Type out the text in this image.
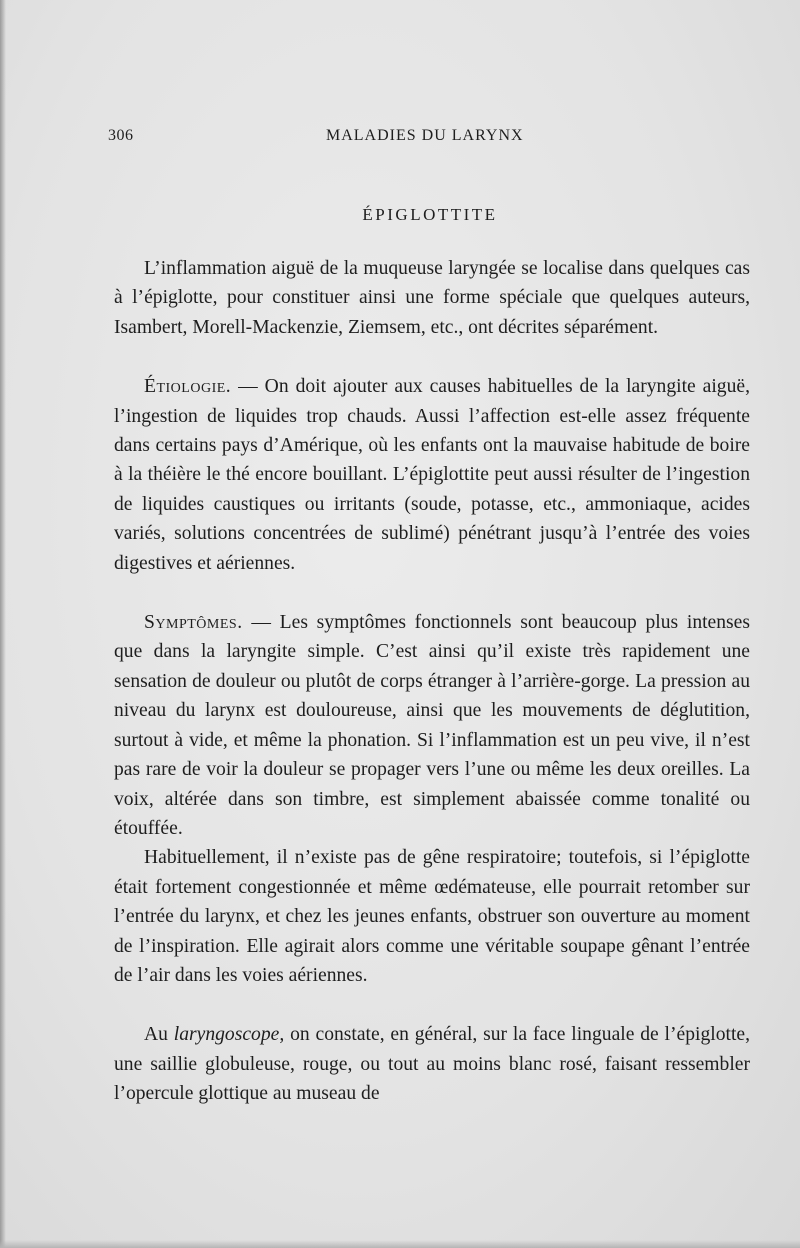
306	MALADIES DU LARYNX
ÉPIGLOTTITE

L’inflammation aiguë de la muqueuse laryngée se localise dans quelques cas à l’épiglotte, pour constituer ainsi une forme spéciale que quelques auteurs, Isambert, Morell-Mackenzie, Ziemsem, etc., ont décrites séparément.

Étiologie. — On doit ajouter aux causes habituelles de la laryngite aiguë, l’ingestion de liquides trop chauds. Aussi l’affection est-elle assez fréquente dans certains pays d’Amérique, où les enfants ont la mauvaise habitude de boire à la théière le thé encore bouillant. L’épiglottite peut aussi résulter de l’ingestion de liquides caustiques ou irritants (soude, potasse, etc., ammoniaque, acides variés, solutions concentrées de sublimé) pénétrant jusqu’à l’entrée des voies digestives et aériennes.

Symptômes. — Les symptômes fonctionnels sont beaucoup plus intenses que dans la laryngite simple. C’est ainsi qu’il existe très rapidement une sensation de douleur ou plutôt de corps étranger à l’arrière-gorge. La pression au niveau du larynx est douloureuse, ainsi que les mouvements de déglutition, surtout à vide, et même la phonation. Si l’inflammation est un peu vive, il n’est pas rare de voir la douleur se propager vers l’une ou même les deux oreilles. La voix, altérée dans son timbre, est simplement abaissée comme tonalité ou étouffée.

Habituellement, il n’existe pas de gêne respiratoire; toutefois, si l’épiglotte était fortement congestionnée et même œdémateuse, elle pourrait retomber sur l’entrée du larynx, et chez les jeunes enfants, obstruer son ouverture au moment de l’inspiration. Elle agirait alors comme une véritable soupape gênant l’entrée de l’air dans les voies aériennes.

Au laryngoscope, on constate, en général, sur la face linguale de l’épiglotte, une saillie globuleuse, rouge, ou tout au moins blanc rosé, faisant ressembler l’opercule glottique au museau de
